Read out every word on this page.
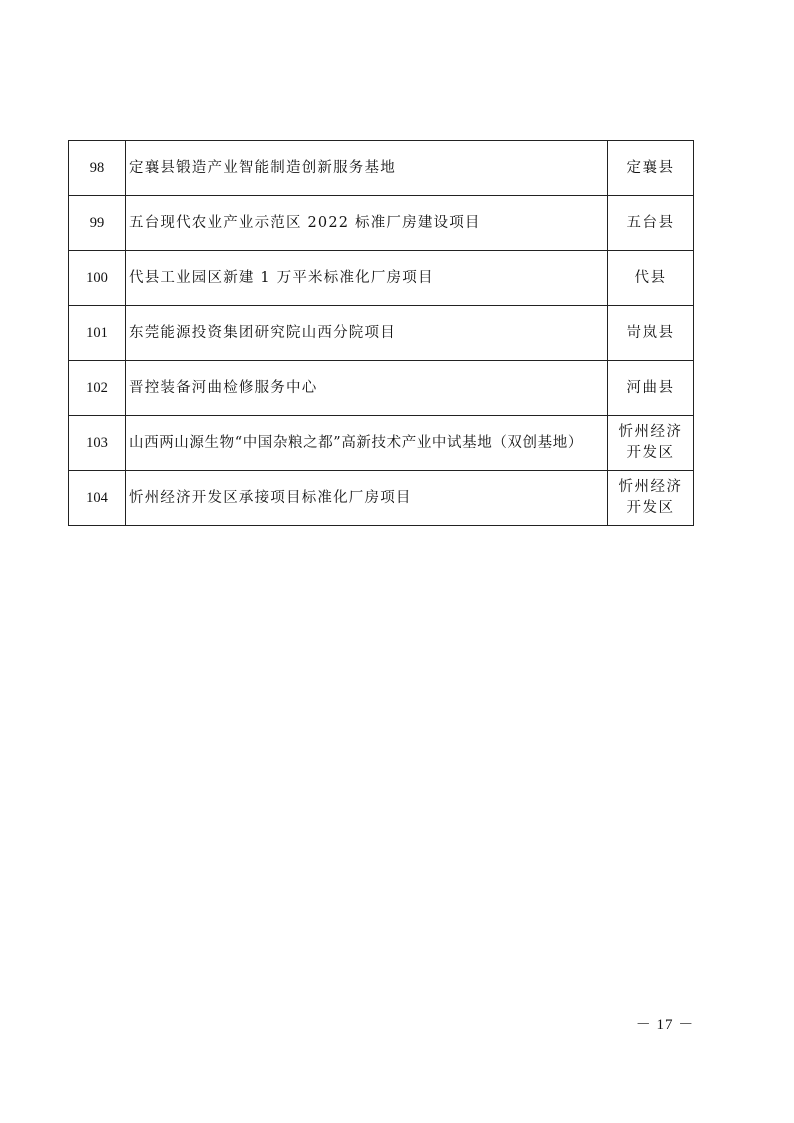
98	定襄县锻造产业智能制造创新服务基地	定襄县
99	五台现代农业产业示范区 2022 标准厂房建设项目	五台县
100	代县工业园区新建 1 万平米标准化厂房项目	代县
101	东莞能源投资集团研究院山西分院项目	岢岚县
102	晋控装备河曲检修服务中心	河曲县
103	山西两山源生物“中国杂粮之都”高新技术产业中试基地（双创基地）	忻州经济开发区
104	忻州经济开发区承接项目标准化厂房项目	忻州经济开发区
－ 17 －
